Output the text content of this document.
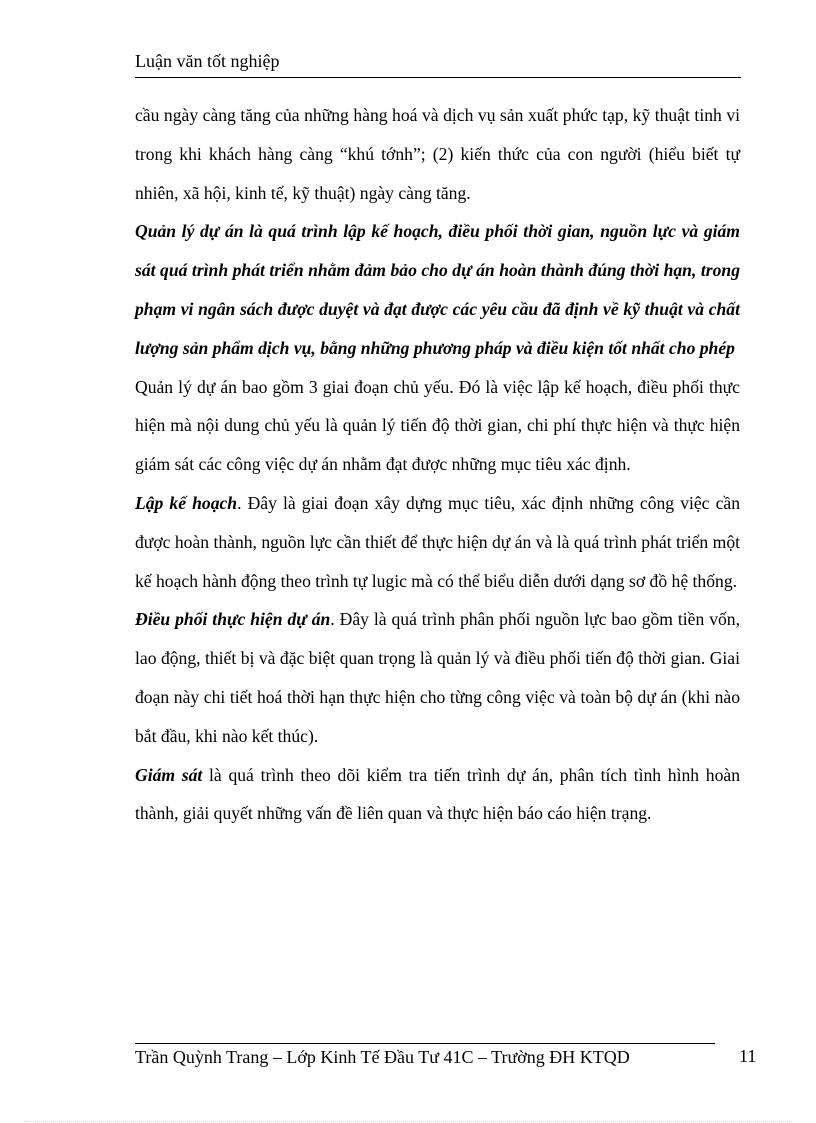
Luận văn tốt nghiệp

cầu ngày càng tăng của những hàng hoá và dịch vụ sản xuất phức tạp, kỹ thuật tinh vi trong khi khách hàng càng “khú tớnh”; (2) kiến thức của con người (hiểu biết tự nhiên, xã hội, kinh tế, kỹ thuật) ngày càng tăng.

Quản lý dự án là quá trình lập kế hoạch, điều phối thời gian, nguồn lực và giám sát quá trình phát triển nhằm đảm bảo cho dự án hoàn thành đúng thời hạn, trong phạm vi ngân sách được duyệt và đạt được các yêu cầu đã định về kỹ thuật và chất lượng sản phẩm dịch vụ, bằng những phương pháp và điều kiện tốt nhất cho phép

Quản lý dự án bao gồm 3 giai đoạn chủ yếu. Đó là việc lập kế hoạch, điều phối thực hiện mà nội dung chủ yếu là quản lý tiến độ thời gian, chi phí thực hiện và thực hiện giám sát các công việc dự án nhằm đạt được những mục tiêu xác định.

Lập kế hoạch. Đây là giai đoạn xây dựng mục tiêu, xác định những công việc cần được hoàn thành, nguồn lực cần thiết để thực hiện dự án và là quá trình phát triển một kế hoạch hành động theo trình tự lugic mà có thể biểu diễn dưới dạng sơ đồ hệ thống.

Điều phối thực hiện dự án. Đây là quá trình phân phối nguồn lực bao gồm tiền vốn, lao động, thiết bị và đặc biệt quan trọng là quản lý và điều phối tiến độ thời gian. Giai đoạn này chi tiết hoá thời hạn thực hiện cho từng công việc và toàn bộ dự án (khi nào bắt đầu, khi nào kết thúc).

Giám sát là quá trình theo dõi kiểm tra tiến trình dự án, phân tích tình hình hoàn thành, giải quyết những vấn đề liên quan và thực hiện báo cáo hiện trạng.

Trần Quỳnh Trang – Lớp Kinh Tế Đầu Tư 41C – Trường ĐH KTQD	11
